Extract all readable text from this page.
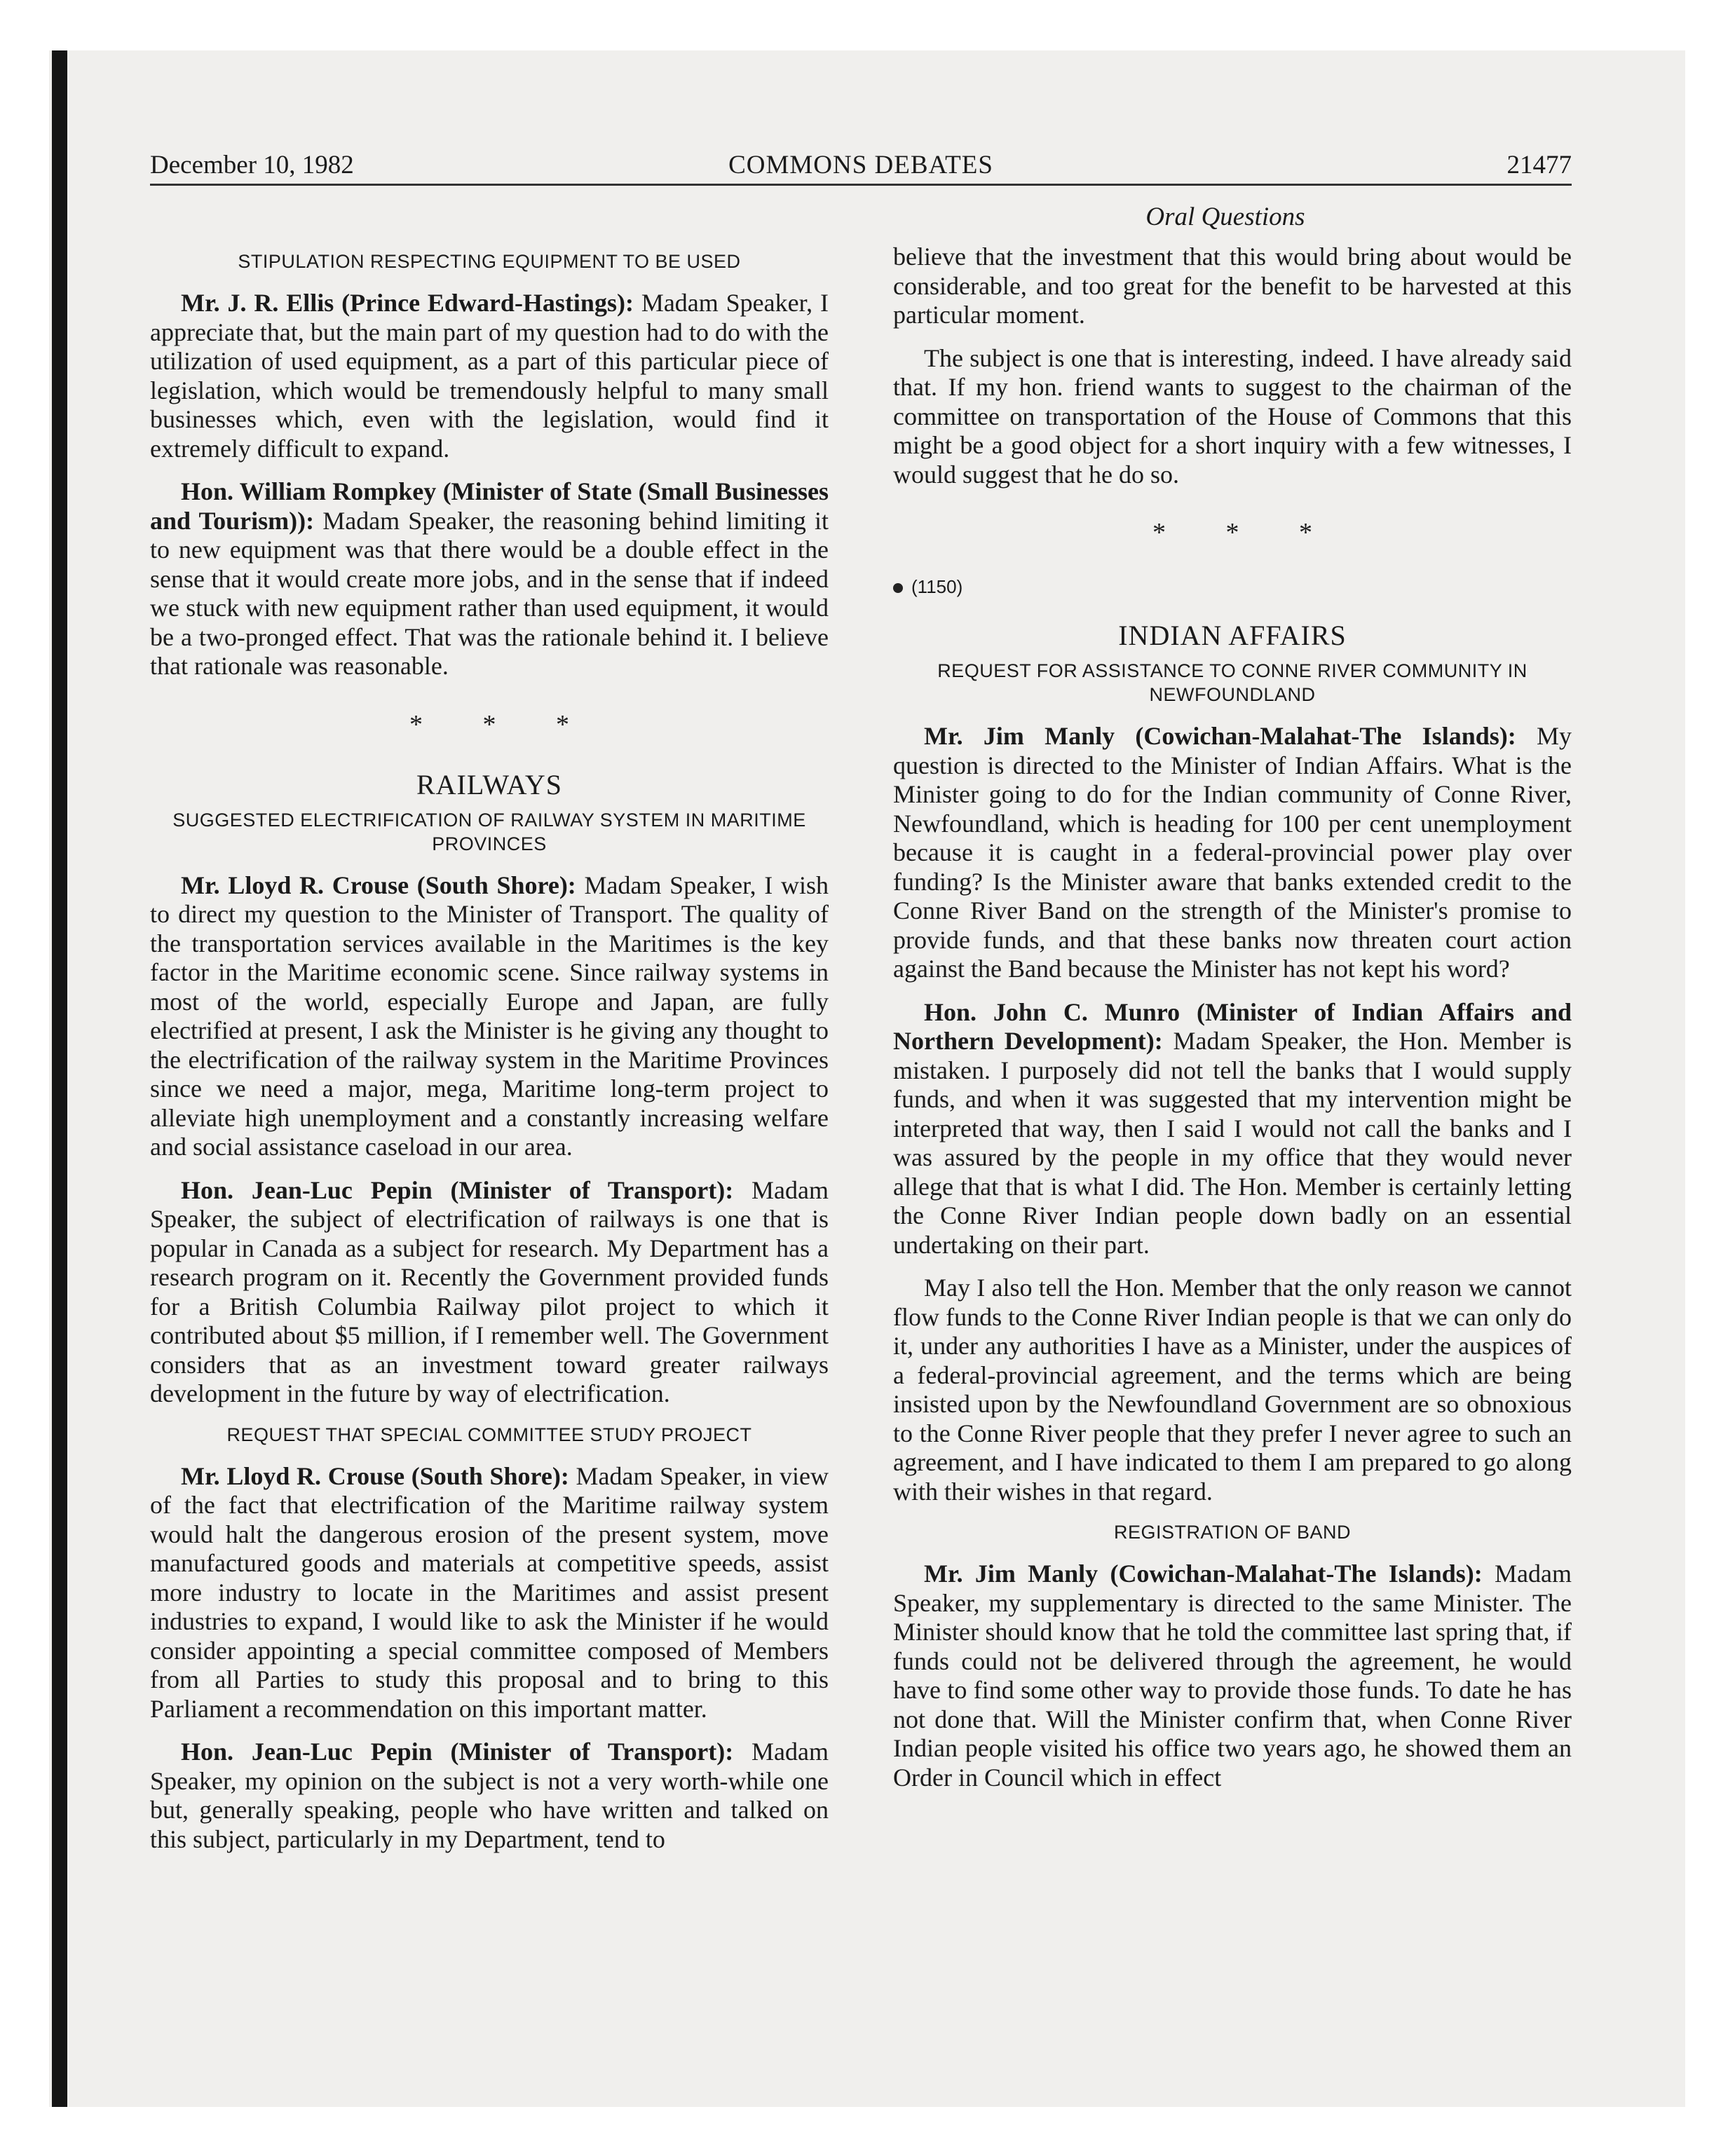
December 10, 1982	COMMONS DEBATES	21477
Oral Questions
STIPULATION RESPECTING EQUIPMENT TO BE USED

Mr. J. R. Ellis (Prince Edward-Hastings): Madam Speaker, I appreciate that, but the main part of my question had to do with the utilization of used equipment, as a part of this particular piece of legislation, which would be tremendously helpful to many small businesses which, even with the legislation, would find it extremely difficult to expand.

Hon. William Rompkey (Minister of State (Small Businesses and Tourism)): Madam Speaker, the reasoning behind limiting it to new equipment was that there would be a double effect in the sense that it would create more jobs, and in the sense that if indeed we stuck with new equipment rather than used equipment, it would be a two-pronged effect. That was the rationale behind it. I believe that rationale was reasonable.

* * *
RAILWAYS
SUGGESTED ELECTRIFICATION OF RAILWAY SYSTEM IN MARITIME PROVINCES

Mr. Lloyd R. Crouse (South Shore): Madam Speaker, I wish to direct my question to the Minister of Transport. The quality of the transportation services available in the Maritimes is the key factor in the Maritime economic scene. Since railway systems in most of the world, especially Europe and Japan, are fully electrified at present, I ask the Minister is he giving any thought to the electrification of the railway system in the Maritime Provinces since we need a major, mega, Maritime long-term project to alleviate high unemployment and a constantly increasing welfare and social assistance caseload in our area.

Hon. Jean-Luc Pepin (Minister of Transport): Madam Speaker, the subject of electrification of railways is one that is popular in Canada as a subject for research. My Department has a research program on it. Recently the Government provided funds for a British Columbia Railway pilot project to which it contributed about $5 million, if I remember well. The Government considers that as an investment toward greater railways development in the future by way of electrification.

REQUEST THAT SPECIAL COMMITTEE STUDY PROJECT

Mr. Lloyd R. Crouse (South Shore): Madam Speaker, in view of the fact that electrification of the Maritime railway system would halt the dangerous erosion of the present system, move manufactured goods and materials at competitive speeds, assist more industry to locate in the Maritimes and assist present industries to expand, I would like to ask the Minister if he would consider appointing a special committee composed of Members from all Parties to study this proposal and to bring to this Parliament a recommendation on this important matter.

Hon. Jean-Luc Pepin (Minister of Transport): Madam Speaker, my opinion on the subject is not a very worth-while one but, generally speaking, people who have written and talked on this subject, particularly in my Department, tend to

believe that the investment that this would bring about would be considerable, and too great for the benefit to be harvested at this particular moment.

The subject is one that is interesting, indeed. I have already said that. If my hon. friend wants to suggest to the chairman of the committee on transportation of the House of Commons that this might be a good object for a short inquiry with a few witnesses, I would suggest that he do so.

* * *
(1150)
INDIAN AFFAIRS
REQUEST FOR ASSISTANCE TO CONNE RIVER COMMUNITY IN NEWFOUNDLAND

Mr. Jim Manly (Cowichan-Malahat-The Islands): My question is directed to the Minister of Indian Affairs. What is the Minister going to do for the Indian community of Conne River, Newfoundland, which is heading for 100 per cent unemployment because it is caught in a federal-provincial power play over funding? Is the Minister aware that banks extended credit to the Conne River Band on the strength of the Minister's promise to provide funds, and that these banks now threaten court action against the Band because the Minister has not kept his word?

Hon. John C. Munro (Minister of Indian Affairs and Northern Development): Madam Speaker, the Hon. Member is mistaken. I purposely did not tell the banks that I would supply funds, and when it was suggested that my intervention might be interpreted that way, then I said I would not call the banks and I was assured by the people in my office that they would never allege that that is what I did. The Hon. Member is certainly letting the Conne River Indian people down badly on an essential undertaking on their part.

May I also tell the Hon. Member that the only reason we cannot flow funds to the Conne River Indian people is that we can only do it, under any authorities I have as a Minister, under the auspices of a federal-provincial agreement, and the terms which are being insisted upon by the Newfoundland Government are so obnoxious to the Conne River people that they prefer I never agree to such an agreement, and I have indicated to them I am prepared to go along with their wishes in that regard.

REGISTRATION OF BAND

Mr. Jim Manly (Cowichan-Malahat-The Islands): Madam Speaker, my supplementary is directed to the same Minister. The Minister should know that he told the committee last spring that, if funds could not be delivered through the agreement, he would have to find some other way to provide those funds. To date he has not done that. Will the Minister confirm that, when Conne River Indian people visited his office two years ago, he showed them an Order in Council which in effect
